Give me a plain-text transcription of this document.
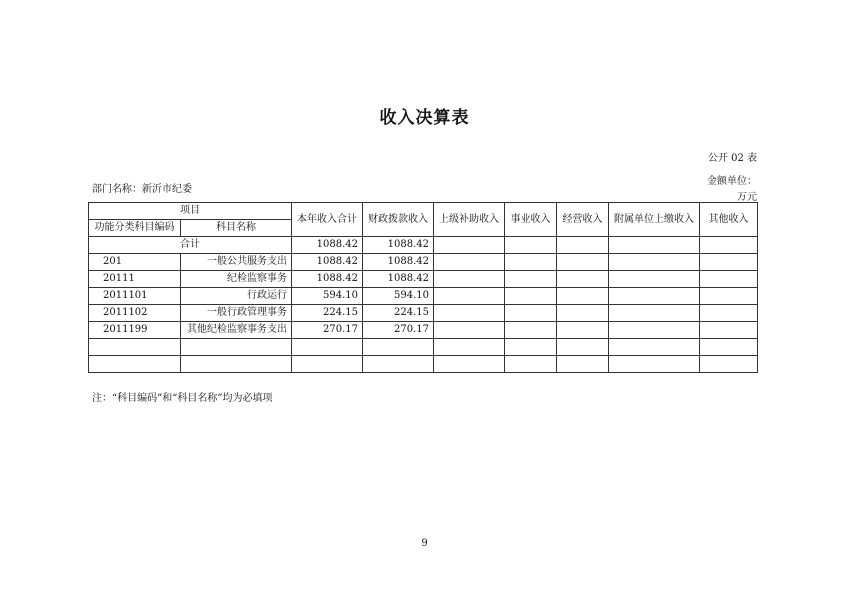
收入决算表
公开 02 表
部门名称：新沂市纪委
金额单位：
万元
项目		本年收入合计	财政拨款收入	上级补助收入	事业收入	经营收入	附属单位上缴收入	其他收入
功能分类科目编码	科目名称							
合计		1088.42	1088.42					
201	一般公共服务支出	1088.42	1088.42					
20111	纪检监察事务	1088.42	1088.42					
2011101	行政运行	594.10	594.10					
2011102	一般行政管理事务	224.15	224.15					
2011199	其他纪检监察事务支出	270.17	270.17					

注：“科目编码”和“科目名称”均为必填项
9
